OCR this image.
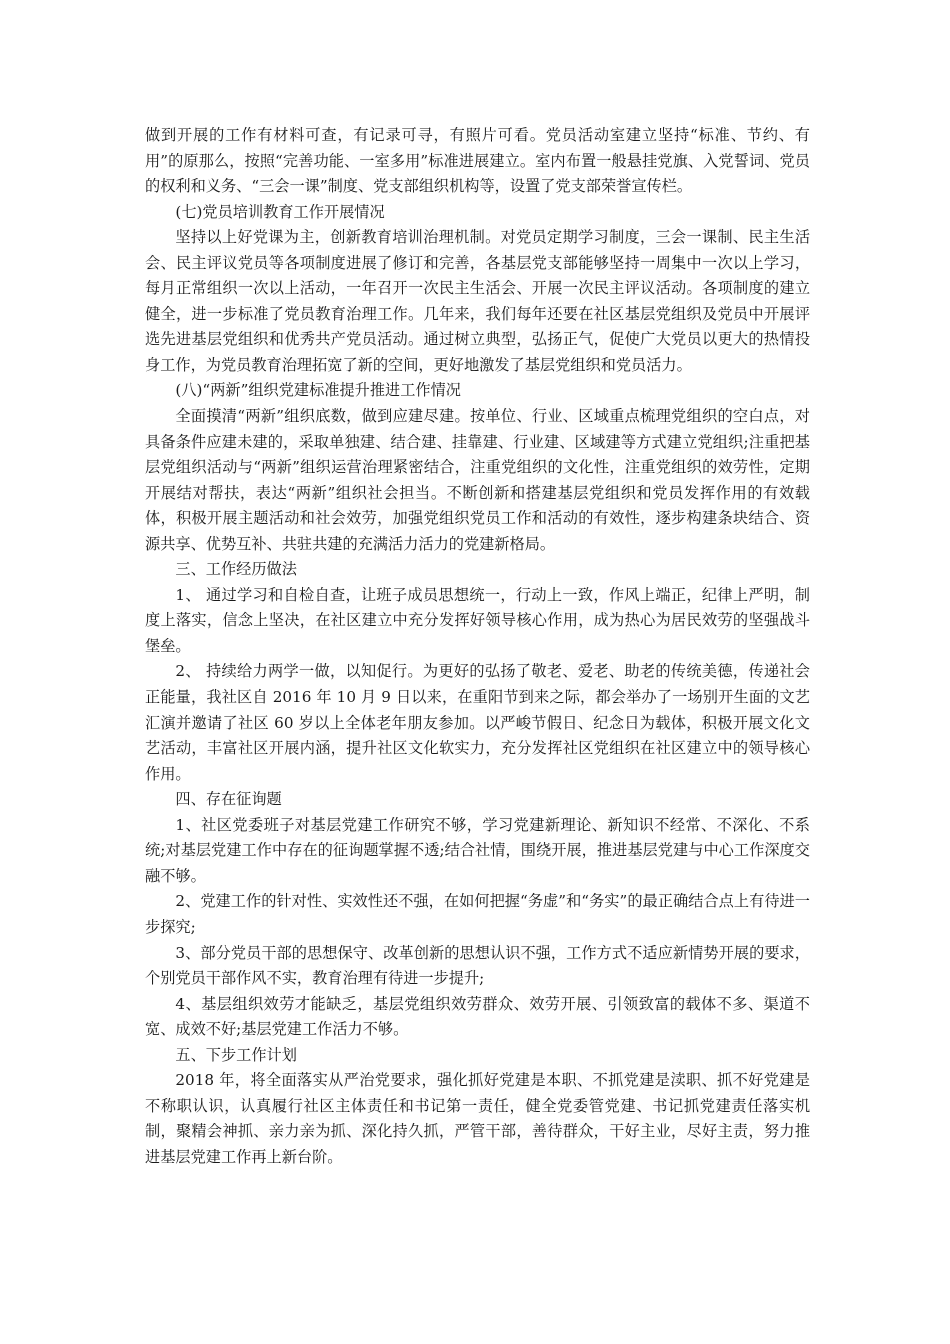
做到开展的工作有材料可查，有记录可寻，有照片可看。党员活动室建立坚持“标准、节约、有用”的原那么，按照“完善功能、一室多用”标准进展建立。室内布置一般悬挂党旗、入党誓词、党员的权利和义务、“三会一课”制度、党支部组织机构等，设置了党支部荣誉宣传栏。

(七)党员培训教育工作开展情况

坚持以上好党课为主，创新教育培训治理机制。对党员定期学习制度，三会一课制、民主生活会、民主评议党员等各项制度进展了修订和完善，各基层党支部能够坚持一周集中一次以上学习，每月正常组织一次以上活动，一年召开一次民主生活会、开展一次民主评议活动。各项制度的建立健全，进一步标准了党员教育治理工作。几年来，我们每年还要在社区基层党组织及党员中开展评选先进基层党组织和优秀共产党员活动。通过树立典型，弘扬正气，促使广大党员以更大的热情投身工作，为党员教育治理拓宽了新的空间，更好地激发了基层党组织和党员活力。

(八)“两新”组织党建标准提升推进工作情况

全面摸清“两新”组织底数，做到应建尽建。按单位、行业、区域重点梳理党组织的空白点，对具备条件应建未建的，采取单独建、结合建、挂靠建、行业建、区域建等方式建立党组织;注重把基层党组织活动与“两新”组织运营治理紧密结合，注重党组织的文化性，注重党组织的效劳性，定期开展结对帮扶，表达“两新”组织社会担当。不断创新和搭建基层党组织和党员发挥作用的有效载体，积极开展主题活动和社会效劳，加强党组织党员工作和活动的有效性，逐步构建条块结合、资源共享、优势互补、共驻共建的充满活力活力的党建新格局。

三、工作经历做法

1、 通过学习和自检自查，让班子成员思想统一，行动上一致，作风上端正，纪律上严明，制度上落实，信念上坚决，在社区建立中充分发挥好领导核心作用，成为热心为居民效劳的坚强战斗堡垒。

2、 持续给力两学一做，以知促行。为更好的弘扬了敬老、爱老、助老的传统美德，传递社会正能量，我社区自 2016 年 10 月 9 日以来，在重阳节到来之际，都会举办了一场别开生面的文艺汇演并邀请了社区 60 岁以上全体老年朋友参加。以严峻节假日、纪念日为载体，积极开展文化文艺活动，丰富社区开展内涵，提升社区文化软实力，充分发挥社区党组织在社区建立中的领导核心作用。

四、存在征询题

1、社区党委班子对基层党建工作研究不够，学习党建新理论、新知识不经常、不深化、不系统;对基层党建工作中存在的征询题掌握不透;结合社情，围绕开展，推进基层党建与中心工作深度交融不够。

2、党建工作的针对性、实效性还不强，在如何把握“务虚”和“务实”的最正确结合点上有待进一步探究;

3、部分党员干部的思想保守、改革创新的思想认识不强，工作方式不适应新情势开展的要求，个别党员干部作风不实，教育治理有待进一步提升;

4、基层组织效劳才能缺乏，基层党组织效劳群众、效劳开展、引领致富的载体不多、渠道不宽、成效不好;基层党建工作活力不够。

五、下步工作计划

2018 年，将全面落实从严治党要求，强化抓好党建是本职、不抓党建是渎职、抓不好党建是不称职认识，认真履行社区主体责任和书记第一责任，健全党委管党建、书记抓党建责任落实机制，聚精会神抓、亲力亲为抓、深化持久抓，严管干部，善待群众，干好主业，尽好主责，努力推进基层党建工作再上新台阶。
